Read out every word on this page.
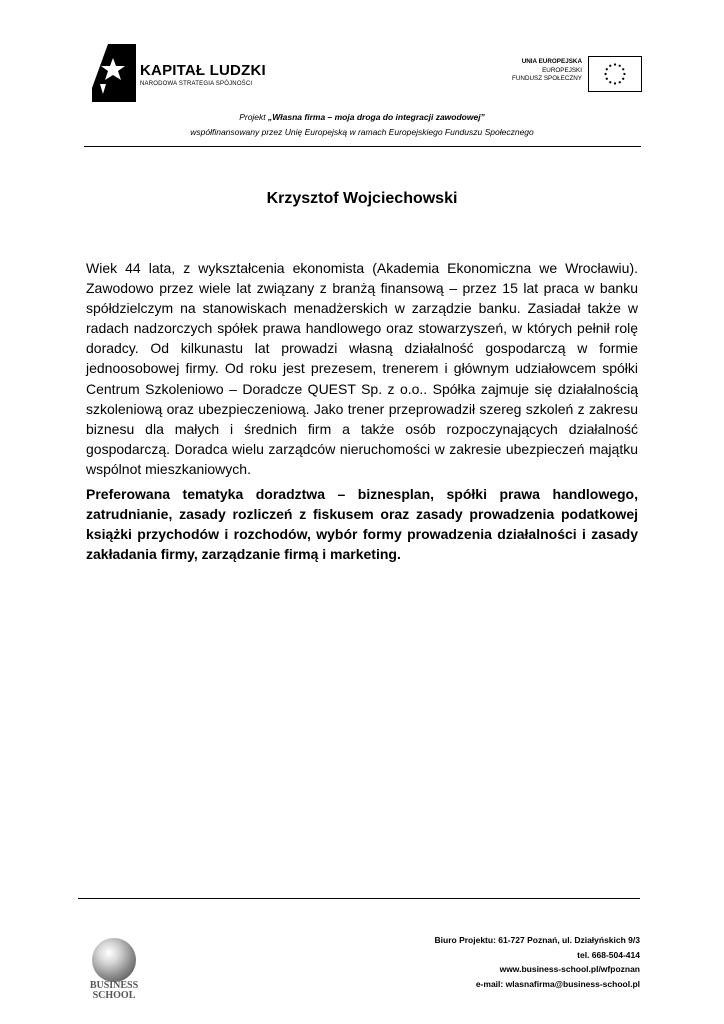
KAPITAŁ LUDZKI
NARODOWA STRATEGIA SPÓJNOŚCI
UNIA EUROPEJSKA
EUROPEJSKI
FUNDUSZ SPOŁECZNY
Projekt „Własna firma – moja droga do integracji zawodowej”
współfinansowany przez Unię Europejską w ramach Europejskiego Funduszu Społecznego
Krzysztof Wojciechowski

Wiek 44 lata, z wykształcenia ekonomista (Akademia Ekonomiczna we Wrocławiu). Zawodowo przez wiele lat związany z branżą finansową – przez 15 lat praca w banku spółdzielczym na stanowiskach menadżerskich w zarządzie banku. Zasiadał także w radach nadzorczych spółek prawa handlowego oraz stowarzyszeń, w których pełnił rolę doradcy. Od kilkunastu lat prowadzi własną działalność gospodarczą w formie jednoosobowej firmy. Od roku jest prezesem, trenerem i głównym udziałowcem spółki Centrum Szkoleniowo – Doradcze QUEST Sp. z o.o.. Spółka zajmuje się działalnością szkoleniową oraz ubezpieczeniową. Jako trener przeprowadził szereg szkoleń z zakresu biznesu dla małych i średnich firm a także osób rozpoczynających działalność gospodarczą. Doradca wielu zarządców nieruchomości w zakresie ubezpieczeń majątku wspólnot mieszkaniowych.

Preferowana tematyka doradztwa – biznesplan, spółki prawa handlowego, zatrudnianie, zasady rozliczeń z fiskusem oraz zasady prowadzenia podatkowej książki przychodów i rozchodów, wybór formy prowadzenia działalności i zasady zakładania firmy, zarządzanie firmą i marketing.

BUSINESS
SCHOOL
Biuro Projektu: 61-727 Poznań, ul. Działyńskich 9/3
tel. 668-504-414
www.business-school.pl/wfpoznan
e-mail: wlasnafirma@business-school.pl
